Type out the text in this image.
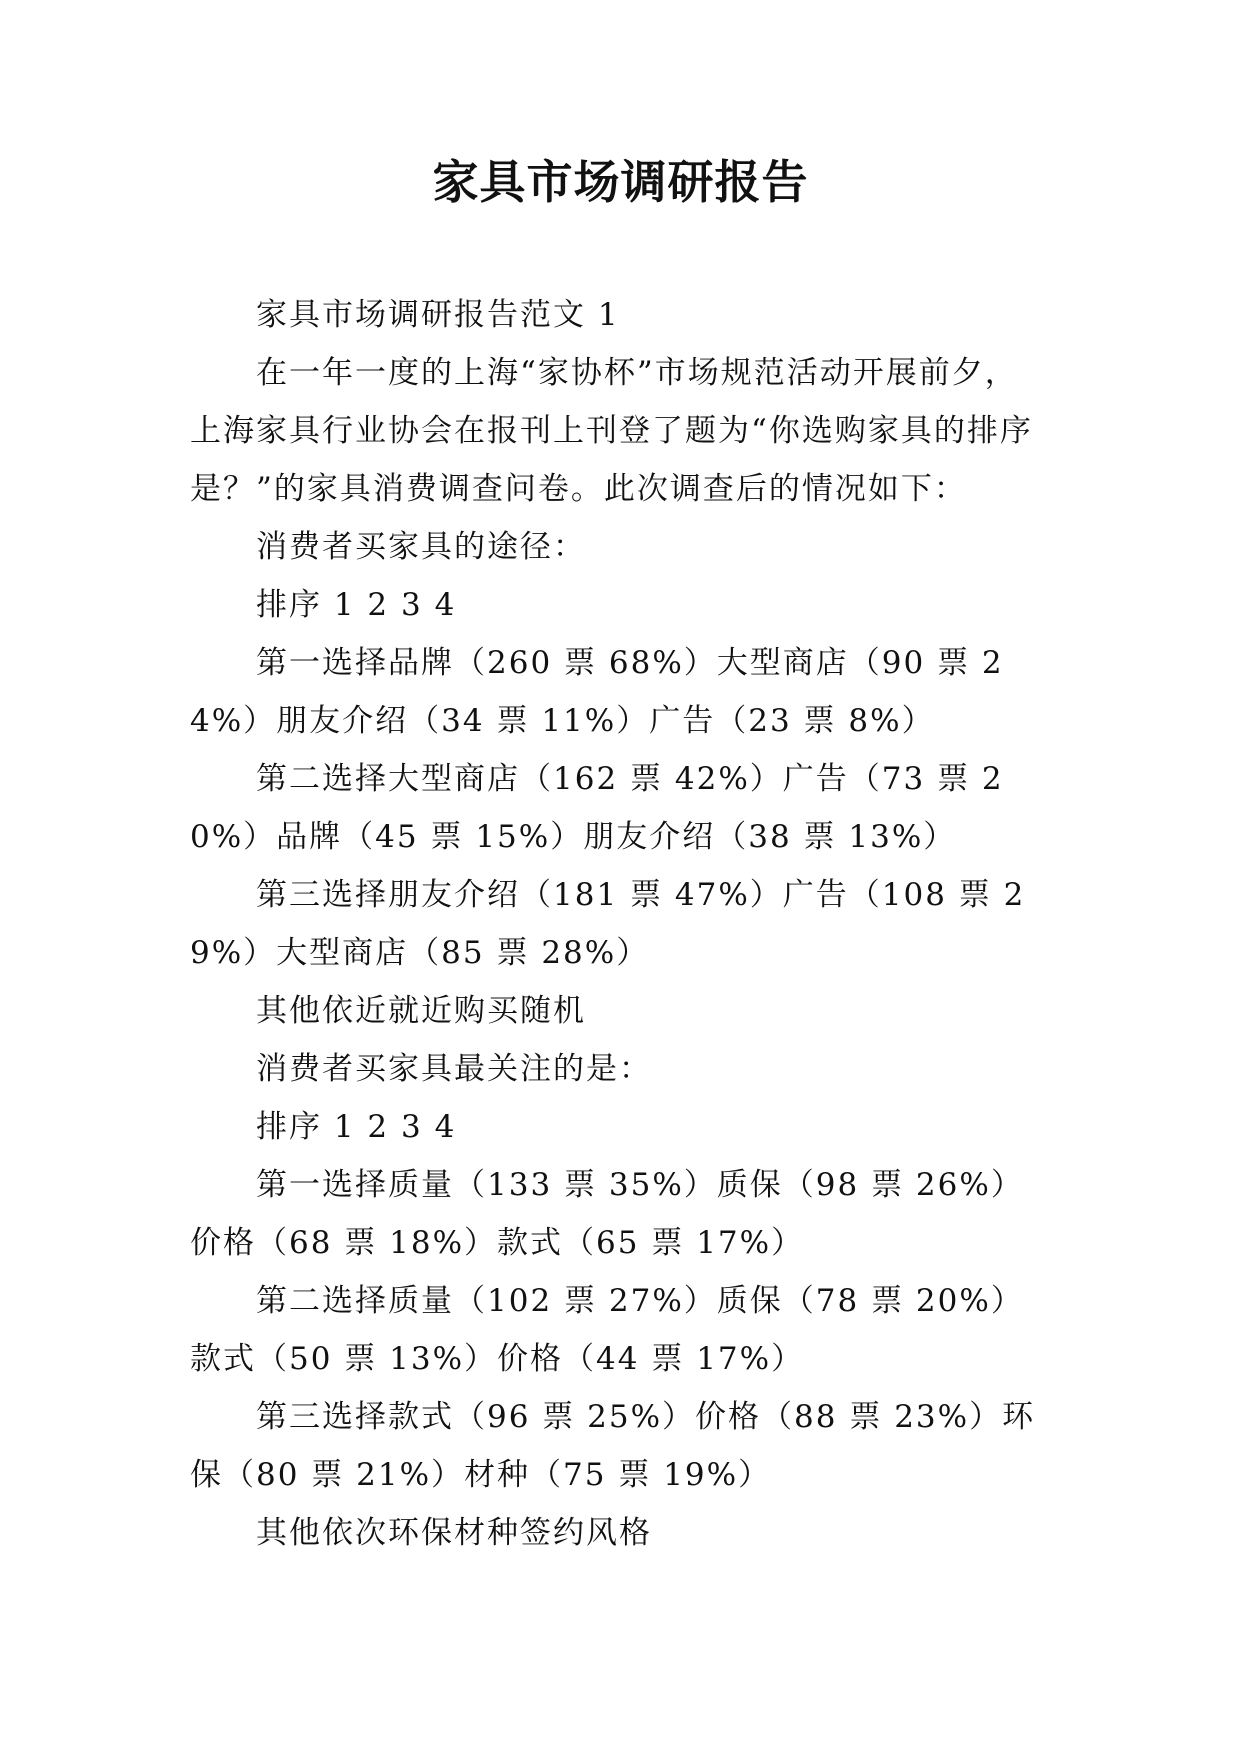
家具市场调研报告

家具市场调研报告范文 1

在一年一度的上海“家协杯”市场规范活动开展前夕，上海家具行业协会在报刊上刊登了题为“你选购家具的排序是？”的家具消费调查问卷。此次调查后的情况如下：

消费者买家具的途径：

排序 1 2 3 4

第一选择品牌（260 票 68%）大型商店（90 票 24%）朋友介绍（34 票 11%）广告（23 票 8%）

第二选择大型商店（162 票 42%）广告（73 票 20%）品牌（45 票 15%）朋友介绍（38 票 13%）

第三选择朋友介绍（181 票 47%）广告（108 票 29%）大型商店（85 票 28%）

其他依近就近购买随机

消费者买家具最关注的是：

排序 1 2 3 4

第一选择质量（133 票 35%）质保（98 票 26%）价格（68 票 18%）款式（65 票 17%）

第二选择质量（102 票 27%）质保（78 票 20%）款式（50 票 13%）价格（44 票 17%）

第三选择款式（96 票 25%）价格（88 票 23%）环保（80 票 21%）材种（75 票 19%）

其他依次环保材种签约风格
